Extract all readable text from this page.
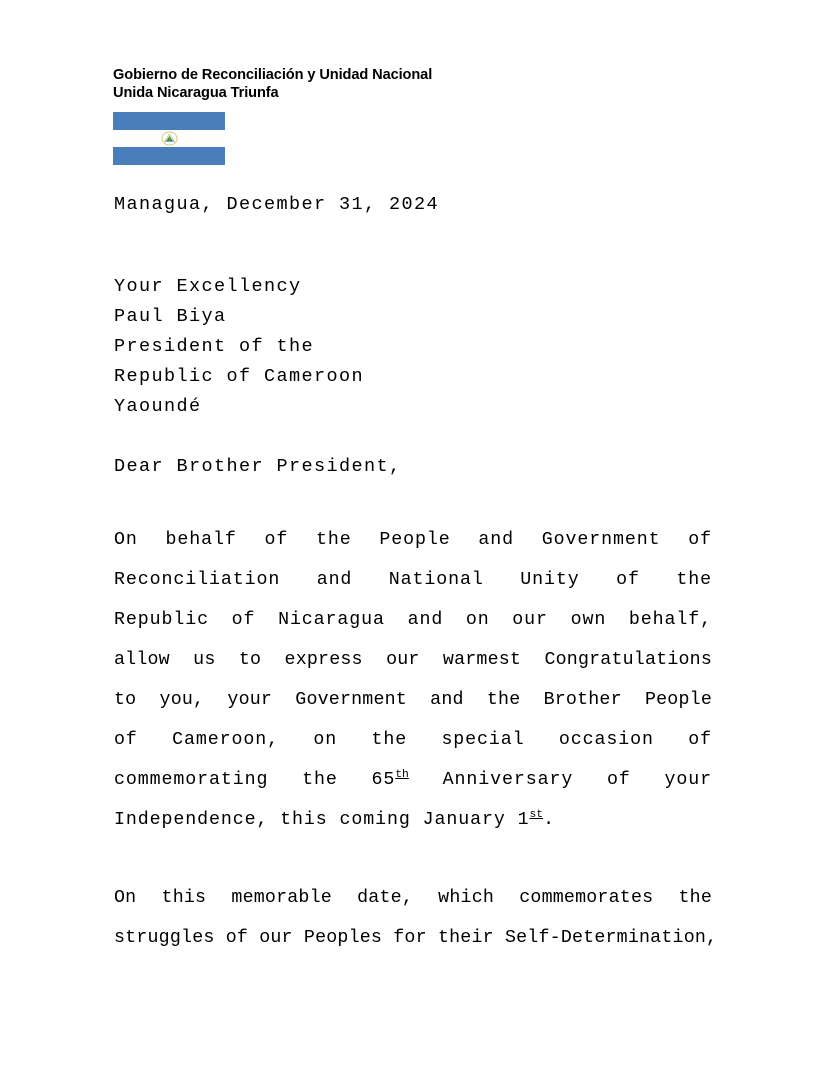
Gobierno de Reconciliación y Unidad Nacional
Unida Nicaragua Triunfa
Managua, December 31, 2024
Your Excellency
Paul Biya
President of the
Republic of Cameroon
Yaoundé
Dear Brother President,
On behalf of the People and Government of
Reconciliation and National Unity of the
Republic of Nicaragua and on our own behalf,
allow us to express our warmest Congratulations
to you, your Government and the Brother People
of Cameroon, on the special occasion of
commemorating the 65th Anniversary of your
Independence, this coming January 1st.
On this memorable date, which commemorates the
struggles of our Peoples for their Self-Determination,
